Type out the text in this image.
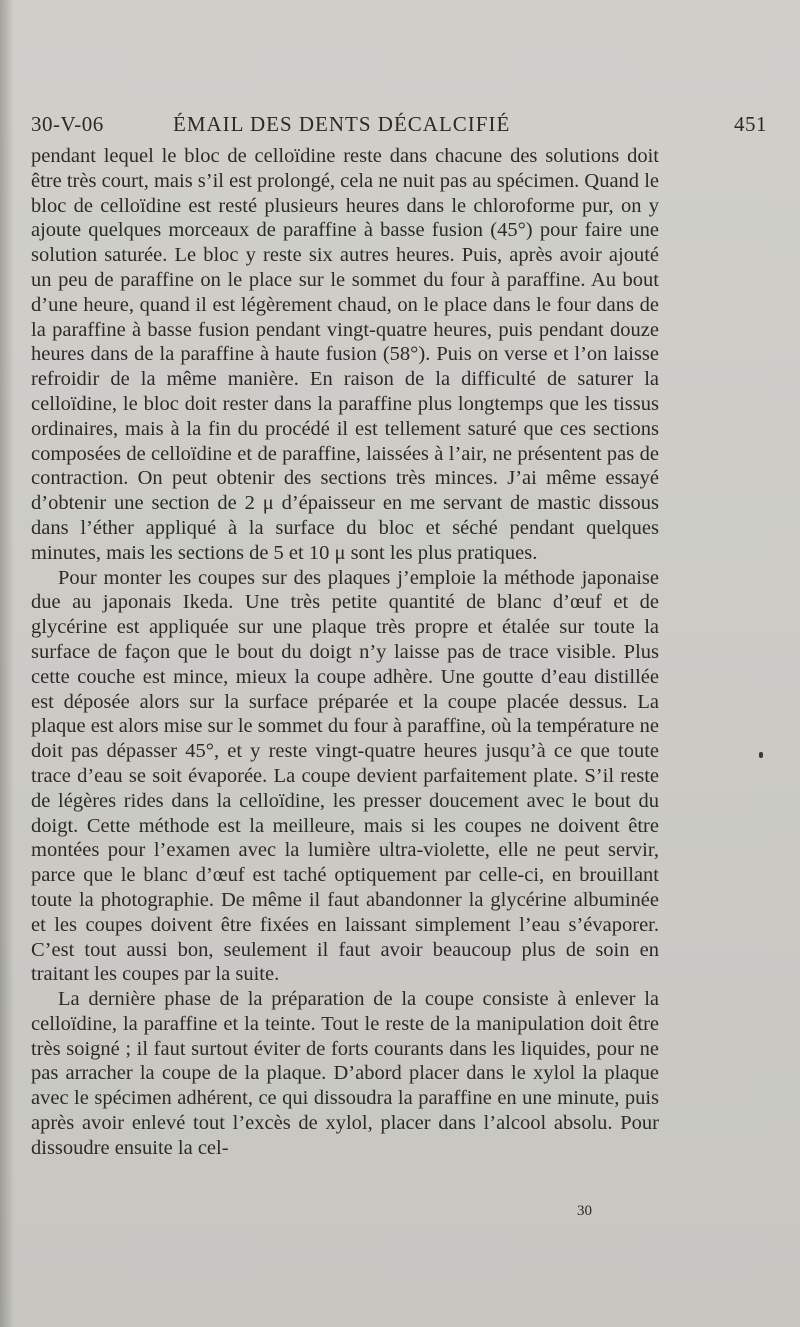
30-V-06	ÉMAIL DES DENTS DÉCALCIFIÉ	451

pendant lequel le bloc de celloïdine reste dans chacune des solutions doit être très court, mais s’il est prolongé, cela ne nuit pas au spécimen. Quand le bloc de celloïdine est resté plusieurs heures dans le chloroforme pur, on y ajoute quelques morceaux de paraffine à basse fusion (45°) pour faire une solution saturée. Le bloc y reste six autres heures. Puis, après avoir ajouté un peu de paraffine on le place sur le sommet du four à paraffine. Au bout d’une heure, quand il est légèrement chaud, on le place dans le four dans de la paraffine à basse fusion pendant vingt-quatre heures, puis pendant douze heures dans de la paraffine à haute fusion (58°). Puis on verse et l’on laisse refroidir de la même manière. En raison de la difficulté de saturer la celloïdine, le bloc doit rester dans la paraffine plus longtemps que les tissus ordinaires, mais à la fin du procédé il est tellement saturé que ces sections composées de celloïdine et de paraffine, laissées à l’air, ne présentent pas de contraction. On peut obtenir des sections très minces. J’ai même essayé d’obtenir une section de 2 μ d’épaisseur en me servant de mastic dissous dans l’éther appliqué à la surface du bloc et séché pendant quelques minutes, mais les sections de 5 et 10 μ sont les plus pratiques.

Pour monter les coupes sur des plaques j’emploie la méthode japonaise due au japonais Ikeda. Une très petite quantité de blanc d’œuf et de glycérine est appliquée sur une plaque très propre et étalée sur toute la surface de façon que le bout du doigt n’y laisse pas de trace visible. Plus cette couche est mince, mieux la coupe adhère. Une goutte d’eau distillée est déposée alors sur la surface préparée et la coupe placée dessus. La plaque est alors mise sur le sommet du four à paraffine, où la température ne doit pas dépasser 45°, et y reste vingt-quatre heures jusqu’à ce que toute trace d’eau se soit évaporée. La coupe devient parfaitement plate. S’il reste de légères rides dans la celloïdine, les presser doucement avec le bout du doigt. Cette méthode est la meilleure, mais si les coupes ne doivent être montées pour l’examen avec la lumière ultra-violette, elle ne peut servir, parce que le blanc d’œuf est taché optiquement par celle-ci, en brouillant toute la photographie. De même il faut abandonner la glycérine albuminée et les coupes doivent être fixées en laissant simplement l’eau s’évaporer. C’est tout aussi bon, seulement il faut avoir beaucoup plus de soin en traitant les coupes par la suite.

La dernière phase de la préparation de la coupe consiste à enlever la celloïdine, la paraffine et la teinte. Tout le reste de la manipulation doit être très soigné ; il faut surtout éviter de forts courants dans les liquides, pour ne pas arracher la coupe de la plaque. D’abord placer dans le xylol la plaque avec le spécimen adhérent, ce qui dissoudra la paraffine en une minute, puis après avoir enlevé tout l’excès de xylol, placer dans l’alcool absolu. Pour dissoudre ensuite la cel-

30
